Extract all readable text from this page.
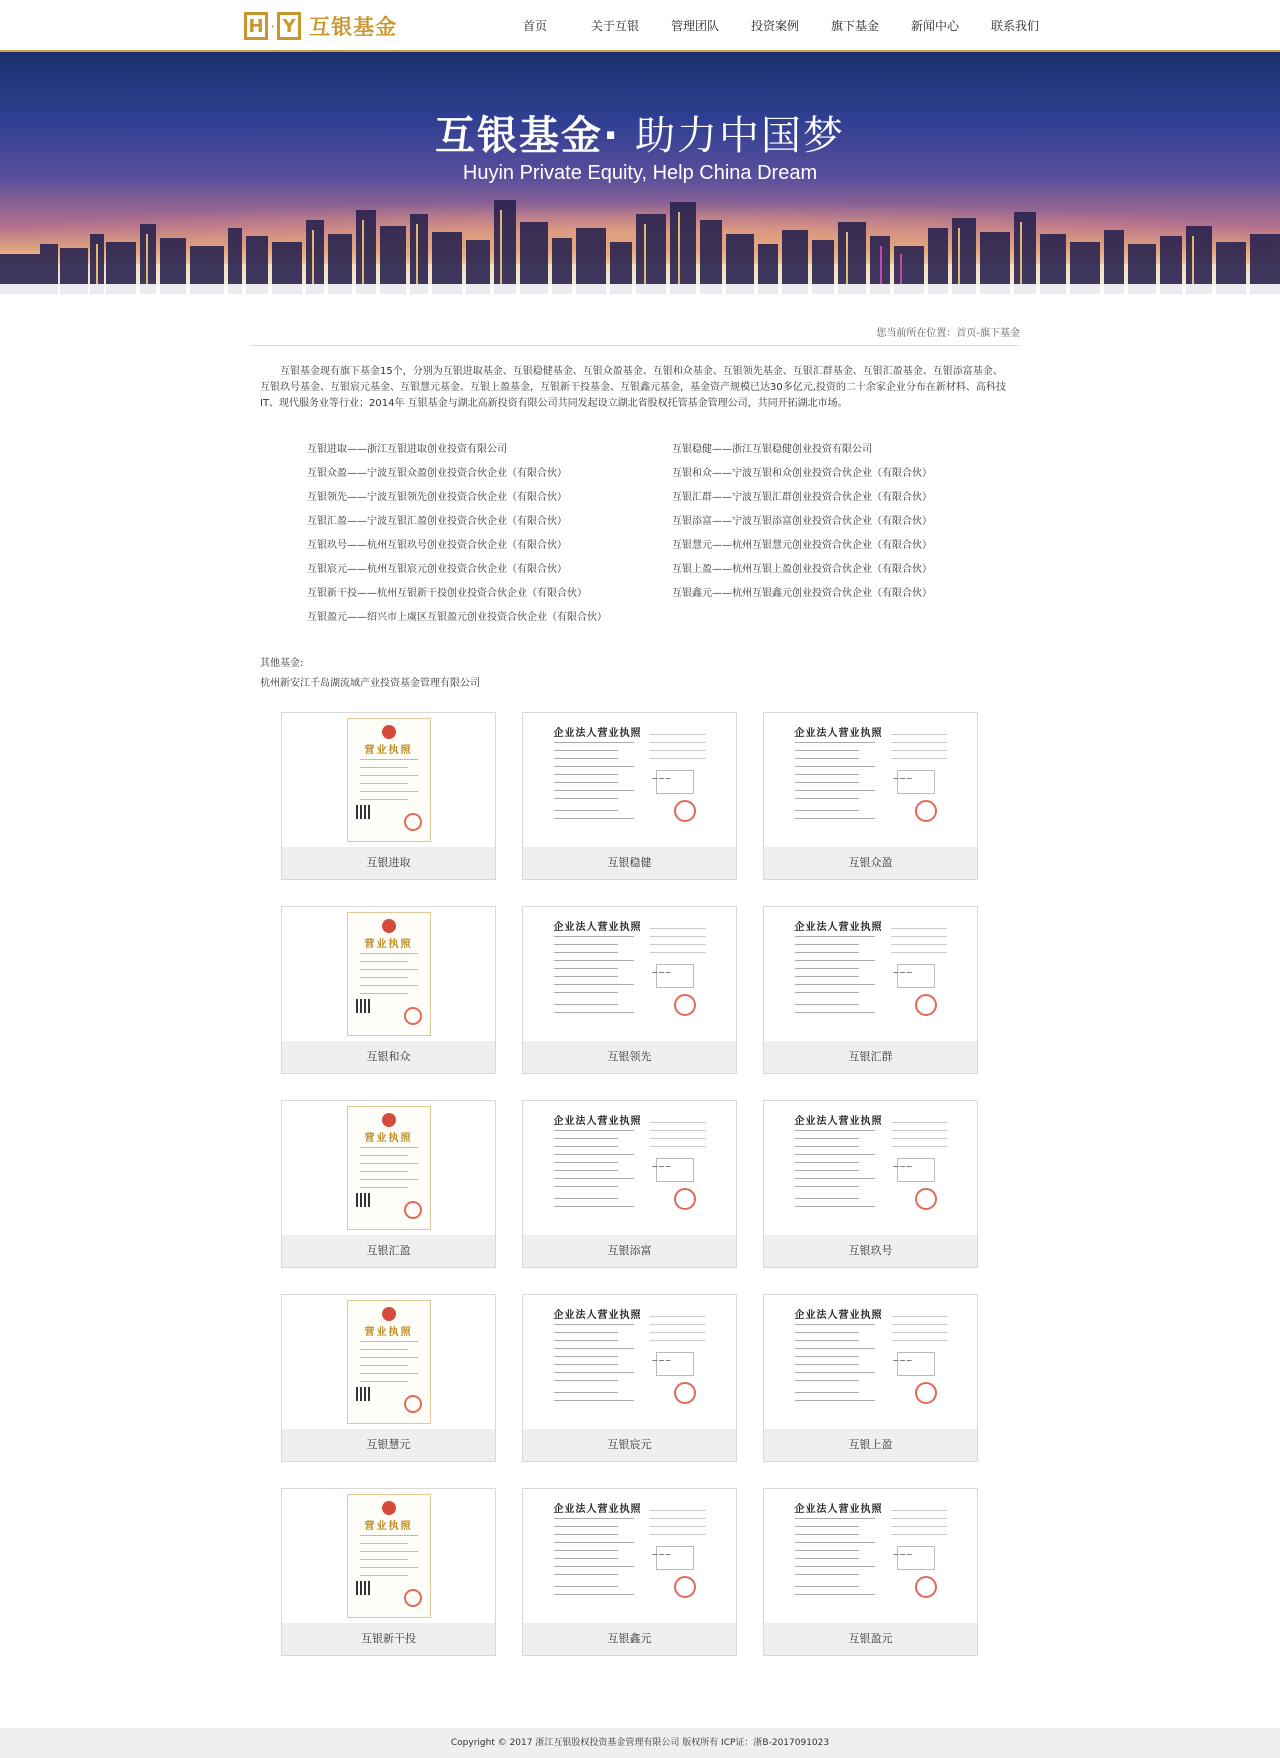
H · Y 互银基金	首页	关于互银	管理团队	投资案例	旗下基金	新闻中心	联系我们
互银基金· 助力中国梦
Huyin Private Equity, Help China Dream
您当前所在位置：首页-旗下基金

互银基金现有旗下基金15个，分别为互银进取基金、互银稳健基金、互银众盈基金、互银和众基金、互银领先基金、互银汇群基金、互银汇盈基金、互银添富基金、互银玖号基金、互银宸元基金、互银慧元基金、互银上盈基金，互银新干投基金、互银鑫元基金，基金资产规模已达30多亿元,投资的二十余家企业分布在新材料、高科技IT、现代服务业等行业；2014年 互银基金与湖北高新投资有限公司共同发起设立湖北省股权托管基金管理公司，共同开拓湖北市场。

互银进取——浙江互银进取创业投资有限公司
互银众盈——宁波互银众盈创业投资合伙企业（有限合伙）
互银领先——宁波互银领先创业投资合伙企业（有限合伙）
互银汇盈——宁波互银汇盈创业投资合伙企业（有限合伙）
互银玖号——杭州互银玖号创业投资合伙企业（有限合伙）
互银宸元——杭州互银宸元创业投资合伙企业（有限合伙）
互银新干投——杭州互银新干投创业投资合伙企业（有限合伙）
互银盈元——绍兴市上虞区互银盈元创业投资合伙企业（有限合伙）
互银稳健——浙江互银稳健创业投资有限公司
互银和众——宁波互银和众创业投资合伙企业（有限合伙）
互银汇群——宁波互银汇群创业投资合伙企业（有限合伙）
互银添富——宁波互银添富创业投资合伙企业（有限合伙）
互银慧元——杭州互银慧元创业投资合伙企业（有限合伙）
互银上盈——杭州互银上盈创业投资合伙企业（有限合伙）
互银鑫元——杭州互银鑫元创业投资合伙企业（有限合伙）
其他基金:
杭州新安江千岛湖流域产业投资基金管理有限公司
营业执照
互银进取
企业法人营业执照
~~~
互银稳健
企业法人营业执照
~~~
互银众盈
营业执照
互银和众
企业法人营业执照
~~~
互银领先
企业法人营业执照
~~~
互银汇群
营业执照
互银汇盈
企业法人营业执照
~~~
互银添富
企业法人营业执照
~~~
互银玖号
营业执照
互银慧元
企业法人营业执照
~~~
互银宸元
企业法人营业执照
~~~
互银上盈
营业执照
互银新干投
企业法人营业执照
~~~
互银鑫元
企业法人营业执照
~~~
互银盈元
Copyright © 2017 浙江互银股权投资基金管理有限公司 版权所有 ICP证：浙B-2017091023
